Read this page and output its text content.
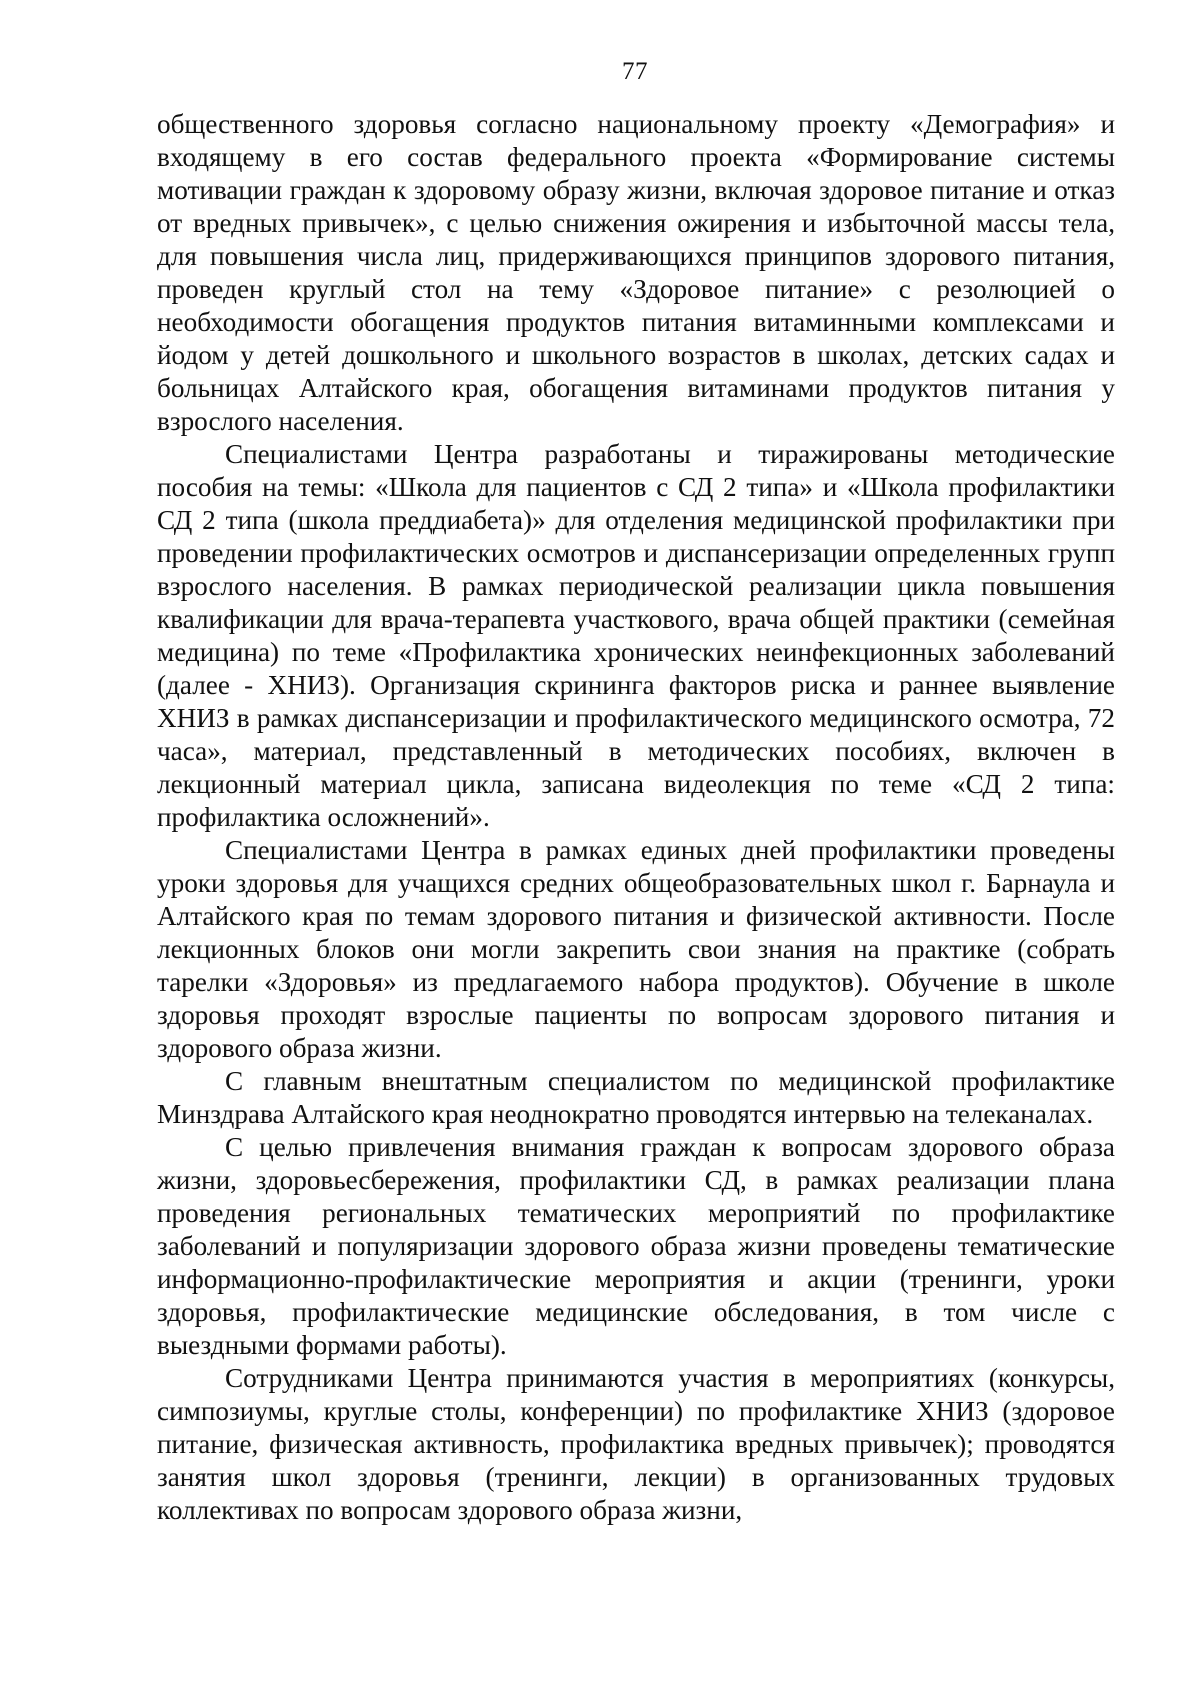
77

общественного здоровья согласно национальному проекту «Демография» и входящему в его состав федерального проекта «Формирование системы мотивации граждан к здоровому образу жизни, включая здоровое питание и отказ от вредных привычек», с целью снижения ожирения и избыточной массы тела, для повышения числа лиц, придерживающихся принципов здорового питания, проведен круглый стол на тему «Здоровое питание» с резолюцией о необходимости обогащения продуктов питания витаминными комплексами и йодом у детей дошкольного и школьного возрастов в школах, детских садах и больницах Алтайского края, обогащения витаминами продуктов питания у взрослого населения.

Специалистами Центра разработаны и тиражированы методические пособия на темы: «Школа для пациентов с СД 2 типа» и «Школа профилактики СД 2 типа (школа преддиабета)» для отделения медицинской профилактики при проведении профилактических осмотров и диспансеризации определенных групп взрослого населения. В рамках периодической реализации цикла повышения квалификации для врача-терапевта участкового, врача общей практики (семейная медицина) по теме «Профилактика хронических неинфекционных заболеваний (далее - ХНИЗ). Организация скрининга факторов риска и раннее выявление ХНИЗ в рамках диспансеризации и профилактического медицинского осмотра, 72 часа», материал, представленный в методических пособиях, включен в лекционный материал цикла, записана видеолекция по теме «СД 2 типа: профилактика осложнений».

Специалистами Центра в рамках единых дней профилактики проведены уроки здоровья для учащихся средних общеобразовательных школ г. Барнаула и Алтайского края по темам здорового питания и физической активности. После лекционных блоков они могли закрепить свои знания на практике (собрать тарелки «Здоровья» из предлагаемого набора продуктов). Обучение в школе здоровья проходят взрослые пациенты по вопросам здорового питания и здорового образа жизни.

С главным внештатным специалистом по медицинской профилактике Минздрава Алтайского края неоднократно проводятся интервью на телеканалах.

С целью привлечения внимания граждан к вопросам здорового образа жизни, здоровьесбережения, профилактики СД, в рамках реализации плана проведения региональных тематических мероприятий по профилактике заболеваний и популяризации здорового образа жизни проведены тематические информационно-профилактические мероприятия и акции (тренинги, уроки здоровья, профилактические медицинские обследования, в том числе с выездными формами работы).

Сотрудниками Центра принимаются участия в мероприятиях (конкурсы, симпозиумы, круглые столы, конференции) по профилактике ХНИЗ (здоровое питание, физическая активность, профилактика вредных привычек); проводятся занятия школ здоровья (тренинги, лекции) в организованных трудовых коллективах по вопросам здорового образа жизни,
